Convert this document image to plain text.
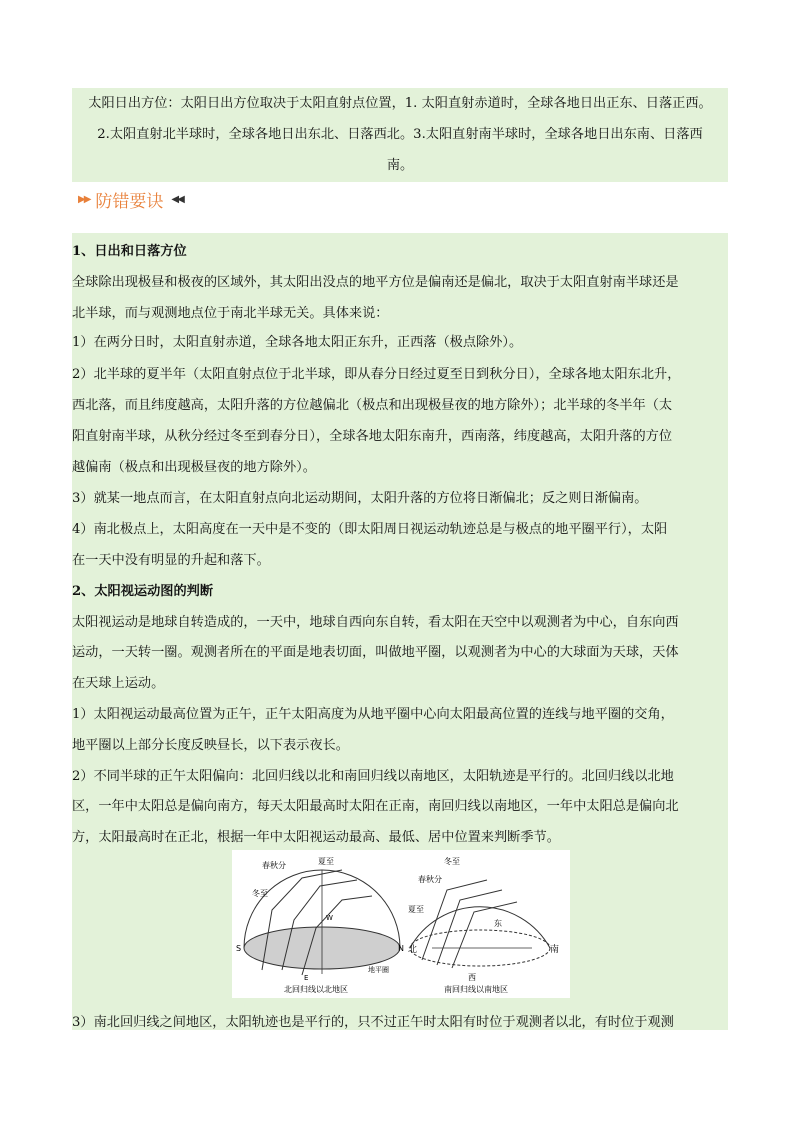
太阳日出方位：太阳日出方位取决于太阳直射点位置，1. 太阳直射赤道时，全球各地日出正东、日落正西。

2.太阳直射北半球时，全球各地日出东北、日落西北。3.太阳直射南半球时，全球各地日出东南、日落西

南。

▶▶ 防错要诀 ◀◀
1、日出和日落方位
全球除出现极昼和极夜的区域外，其太阳出没点的地平方位是偏南还是偏北，取决于太阳直射南半球还是
北半球，而与观测地点位于南北半球无关。具体来说：
1）在两分日时，太阳直射赤道，全球各地太阳正东升，正西落（极点除外）。
2）北半球的夏半年（太阳直射点位于北半球，即从春分日经过夏至日到秋分日），全球各地太阳东北升，
西北落，而且纬度越高，太阳升落的方位越偏北（极点和出现极昼夜的地方除外）；北半球的冬半年（太
阳直射南半球，从秋分经过冬至到春分日），全球各地太阳东南升，西南落，纬度越高，太阳升落的方位
越偏南（极点和出现极昼夜的地方除外）。
3）就某一地点而言，在太阳直射点向北运动期间，太阳升落的方位将日渐偏北；反之则日渐偏南。
4）南北极点上，太阳高度在一天中是不变的（即太阳周日视运动轨迹总是与极点的地平圈平行），太阳
在一天中没有明显的升起和落下。
2、太阳视运动图的判断
太阳视运动是地球自转造成的，一天中，地球自西向东自转，看太阳在天空中以观测者为中心，自东向西
运动，一天转一圈。观测者所在的平面是地表切面，叫做地平圈，以观测者为中心的大球面为天球，天体
在天球上运动。
1）太阳视运动最高位置为正午，正午太阳高度为从地平圈中心向太阳最高位置的连线与地平圈的交角，
地平圈以上部分长度反映昼长，以下表示夜长。
2）不同半球的正午太阳偏向：北回归线以北和南回归线以南地区，太阳轨迹是平行的。北回归线以北地
区，一年中太阳总是偏向南方，每天太阳最高时太阳在正南，南回归线以南地区，一年中太阳总是偏向北
方，太阳最高时在正北，根据一年中太阳视运动最高、最低、居中位置来判断季节。
春秋分	夏至
冬至
S	N
E
W
地平圈
北回归线以北地区
冬至
春秋分
夏至
北	南
东
西
南回归线以南地区
3）南北回归线之间地区，太阳轨迹也是平行的，只不过正午时太阳有时位于观测者以北，有时位于观测
